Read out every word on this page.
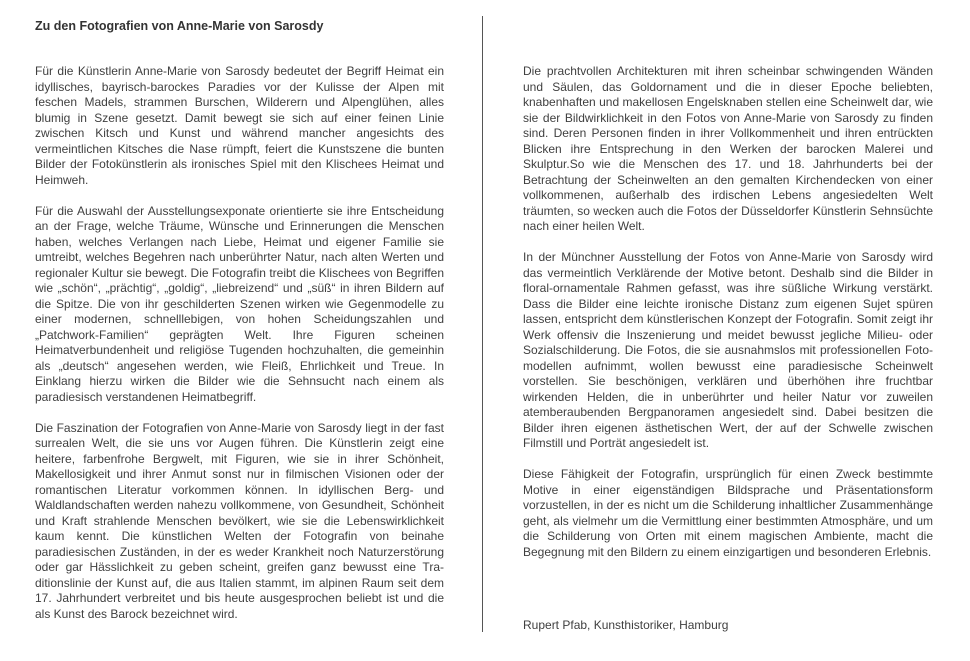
Zu den Fotografien von Anne-Marie von Sarosdy

Für die Künstlerin Anne-Marie von Sarosdy bedeutet der Begriff Heimat ein idyllisches, bayrisch-barockes Paradies vor der Kulisse der Alpen mit feschen Madels, strammen Burschen, Wilderern und Alpenglühen, alles blumig in Szene gesetzt. Damit bewegt sie sich auf einer feinen Linie zwischen Kitsch und Kunst und während mancher angesichts des vermeintlichen Kitsches die Nase rümpft, feiert die Kunstszene die bunten Bilder der Fotokünstlerin als ironisches Spiel mit den Klischees Heimat und Heimweh.

Für die Auswahl der Ausstellungsexponate orientierte sie ihre Entscheidung an der Frage, welche Träume, Wünsche und Erinnerungen die Menschen haben, welches Verlangen nach Liebe, Heimat und eigener Familie sie umtreibt, welches Begehren nach unberührter Natur, nach alten Werten und regionaler Kultur sie bewegt. Die Fotografin treibt die Klischees von Begriffen wie „schön“, „prächtig“, „goldig“, „liebreizend“ und „süß“ in ihren Bildern auf die Spitze. Die von ihr geschilderten Szenen wirken wie Gegenmodelle zu einer modernen, schnelllebigen, von hohen Scheidungszahlen und „Patchwork-Familien“ geprägten Welt. Ihre Figuren scheinen Heimatverbundenheit und religiöse Tugenden hochzuhalten, die gemeinhin als „deutsch“ angesehen werden, wie Fleiß, Ehrlichkeit und Treue. In Einklang hierzu wirken die Bilder wie die Sehnsucht nach einem als paradiesisch verstandenen Heimatbegriff.

Die Faszination der Fotografien von Anne-Marie von Sarosdy liegt in der fast surrealen Welt, die sie uns vor Augen führen. Die Künstlerin zeigt eine heitere, farbenfrohe Bergwelt, mit Figuren, wie sie in ihrer Schönheit, Makellosigkeit und ihrer Anmut sonst nur in filmischen Visionen oder der romantischen Literatur vorkommen können. In idyllischen Berg- und Waldlandschaften werden nahezu vollkommene, von Gesundheit, Schönheit und Kraft strahlende Menschen bevölkert, wie sie die Lebenswirklichkeit kaum kennt. Die künstlichen Welten der Fotografin von beinahe paradiesischen Zuständen, in der es weder Krankheit noch Naturzerstörung oder gar Hässlichkeit zu geben scheint, greifen ganz bewusst eine Traditionslinie der Kunst auf, die aus Italien stammt, im alpinen Raum seit dem 17. Jahrhundert verbreitet und bis heute ausgesprochen beliebt ist und die als Kunst des Barock bezeichnet wird.

Die prachtvollen Architekturen mit ihren scheinbar schwingenden Wänden und Säulen, das Goldornament und die in dieser Epoche beliebten, knabenhaften und makellosen Engelsknaben stellen eine Scheinwelt dar, wie sie der Bildwirklichkeit in den Fotos von Anne-Marie von Sarosdy zu finden sind. Deren Personen finden in ihrer Vollkommenheit und ihren entrückten Blicken ihre Entsprechung in den Werken der barocken Malerei und Skulptur.So wie die Menschen des 17. und 18. Jahrhunderts bei der Betrachtung der Scheinwelten an den gemalten Kirchendecken von einer vollkommenen, außerhalb des irdischen Lebens angesiedelten Welt träumten, so wecken auch die Fotos der Düsseldorfer Künstlerin Sehnsüchte nach einer heilen Welt.

In der Münchner Ausstellung der Fotos von Anne-Marie von Sarosdy wird das vermeintlich Verklärende der Motive betont. Deshalb sind die Bilder in floral-ornamentale Rahmen gefasst, was ihre süßliche Wirkung verstärkt. Dass die Bilder eine leichte ironische Distanz zum eigenen Sujet spüren lassen, entspricht dem künstlerischen Konzept der Fotografin. Somit zeigt ihr Werk offensiv die Inszenierung und meidet bewusst jegliche Milieu- oder Sozialschilderung. Die Fotos, die sie ausnahmslos mit professionellen Fotomodellen aufnimmt, wollen bewusst eine paradiesische Scheinwelt vorstellen. Sie beschönigen, verklären und überhöhen ihre fruchtbar wirkenden Helden, die in unberührter und heiler Natur vor zuweilen atemberaubenden Bergpanoramen angesiedelt sind. Dabei besitzen die Bilder ihren eigenen ästhetischen Wert, der auf der Schwelle zwischen Filmstill und Porträt angesiedelt ist.

Diese Fähigkeit der Fotografin, ursprünglich für einen Zweck bestimmte Motive in einer eigenständigen Bildsprache und Präsentationsform vorzustellen, in der es nicht um die Schilderung inhaltlicher Zusammenhänge geht, als vielmehr um die Vermittlung einer bestimmten Atmosphäre, und um die Schilderung von Orten mit einem magischen Ambiente, macht die Begegnung mit den Bildern zu einem einzigartigen und besonderen Erlebnis.

Rupert Pfab, Kunsthistoriker, Hamburg
